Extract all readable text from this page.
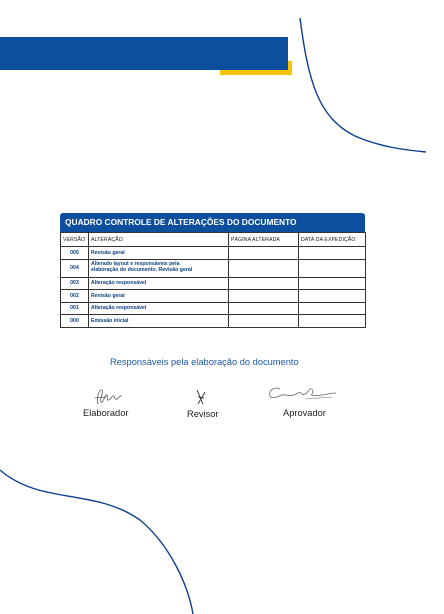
QUADRO CONTROLE DE ALTERAÇÕES DO DOCUMENTO
VERSÃO	ALTERAÇÃO	PÁGINA ALTERADA	DATA DA EXPEDIÇÃO
005	Revisão geral		
004	Alterado layout e responsáveis pela
elaboração do documento. Revisão geral		

003	Alteração responsável		
002	Revisão geral		
001	Alteração responsável		
000	Emissão inicial		
Responsáveis pela elaboração do documento
Elaborador	Revisor	Aprovador
